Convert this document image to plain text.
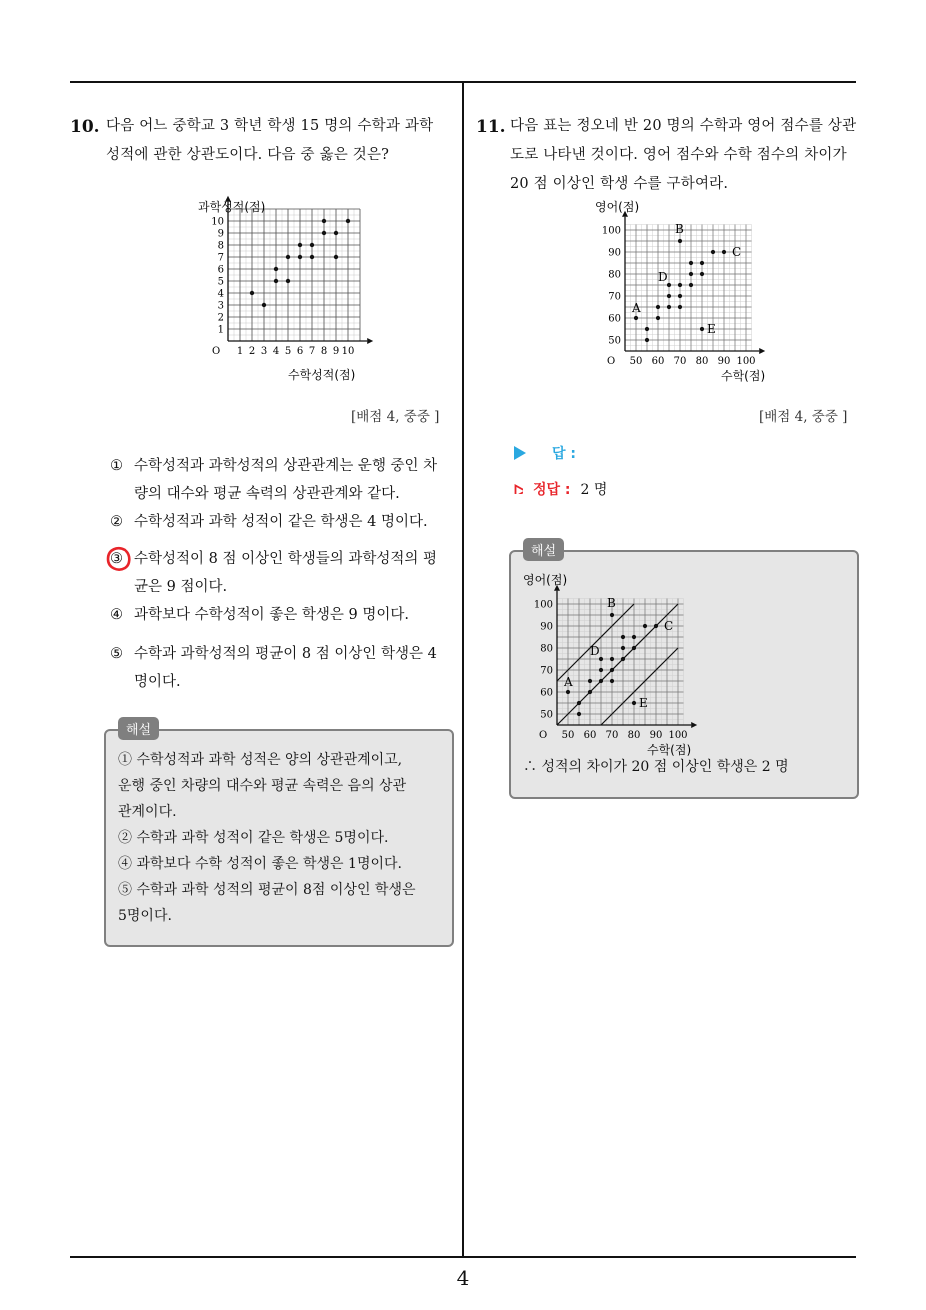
4
10. 다음 어느 중학교 3 학년 학생 15 명의 수학과 과학
성적에 관한 상관도이다. 다음 중 옳은 것은?
1 2 3 4 5 6 7 8 9 10
1
2
3
4
5
6
7
8
9
10
O
과학성적(점)
수학성적(점)
[배점 4, 중중 ]
① 수학성적과 과학성적의 상관관계는 운행 중인 차량의 대수와 평균 속력의 상관관계와 같다.
② 수학성적과 과학 성적이 같은 학생은 4 명이다.
③ 수학성적이 8 점 이상인 학생들의 과학성적의 평균은 9 점이다.
④ 과학보다 수학성적이 좋은 학생은 9 명이다.
⑤ 수학과 과학성적의 평균이 8 점 이상인 학생은 4 명이다.
① 수학성적과 과학 성적은 양의 상관관계이고,
운행 중인 차량의 대수와 평균 속력은 음의 상관
관계이다.
② 수학과 과학 성적이 같은 학생은 5명이다.
④ 과학보다 수학 성적이 좋은 학생은 1명이다.
⑤ 수학과 과학 성적의 평균이 8점 이상인 학생은
5명이다.
해설
11. 다음 표는 정오네 반 20 명의 수학과 영어 점수를 상관
도로 나타낸 것이다. 영어 점수와 수학 점수의 차이가
20 점 이상인 학생 수를 구하여라.
50 60 70 80 90 100
50
60
70
80
90
100
O
A
B
C
D
E
영어(점)
수학(점)
[배점 4, 중중 ]
답 :
정답 : 2 명
∴ 성적의 차이가 20 점 이상인 학생은 2 명
해설
50 60 70 80 90 100
50
60
70
80
90
100
O
A
B
C
D
E
영어(점)
수학(점)
